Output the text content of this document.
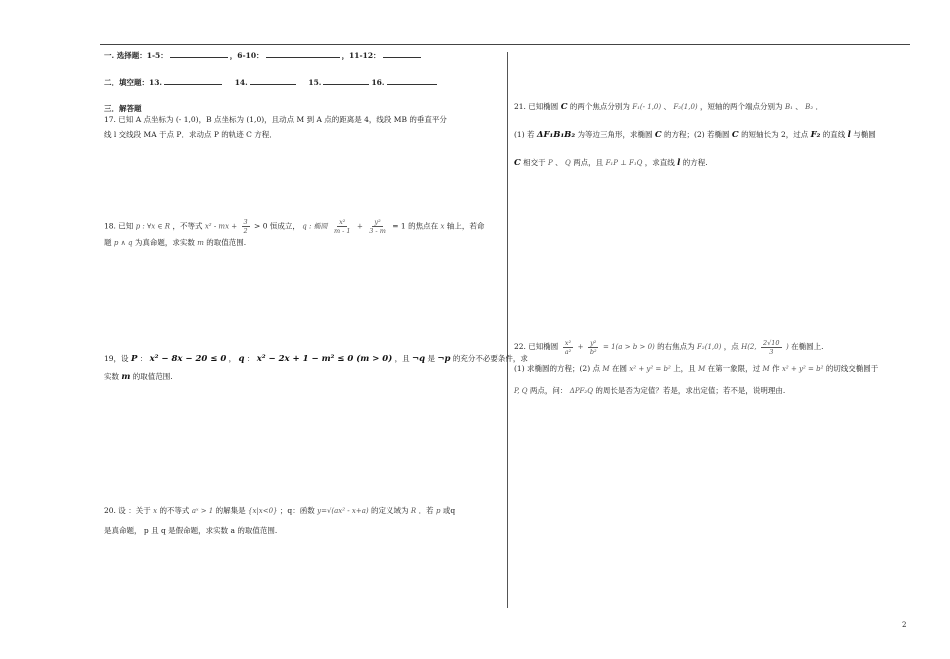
一. 选择题：1-5：	，6-10：	，11-12：
二．填空题：13.	14.	15.	16.
三．解答题

17. 已知 A 点坐标为 (- 1,0)，B 点坐标为 (1,0)，且动点 M 到 A 点的距离是 4，线段 MB 的垂直平分

线 l 交线段 MA 于点 P．求动点 P 的轨迹 C 方程．

18. 已知 p : ∀x ∈ R ，不等式 x² - mx + $\frac{3}{2} > 0$ 恒成立， q : 椭圆 $\frac{\text{x²}}{m - 1} + \frac{\text{y²}}{3 - m} = 1$ 的焦点在 x 轴上，若命

题 p ∧ q 为真命题，求实数 m 的取值范围.

19，设 P ： x² − 8x − 20 ≤ 0 ， q ： x² − 2x + 1 − m² ≤ 0 (m > 0) ，且 ¬q 是 ¬p 的充分不必要条件，求

实数 m 的取值范围.

20. 设 ：关于 x 的不等式 aˣ > 1 的解集是 {x|x<0} ；q：函数 y=√(ax² - x+a) 的定义域为 R ．若 p 或q

是真命题， p 且 q 是假命题，求实数 a 的取值范围.

21. 已知椭圆 C 的两个焦点分别为 F₁(- 1,0) 、 F₂(1,0) ，短轴的两个端点分别为 B₁ 、 B₂ ．

(1) 若 ΔF₁B₁B₂ 为等边三角形，求椭圆 C 的方程；(2) 若椭圆 C 的短轴长为 2，过点 F₂ 的直线 l 与椭圆

C 相交于 P 、 Q 两点，且 F₁P ⊥ F₁Q ，求直线 l 的方程.

22. 已知椭圆 $\frac{\text{x²}}{\text{a²}} + \frac{\text{y²}}{\text{b²}} = 1(a > b > 0)$ 的右焦点为 F₂(1,0) ，点 H(2, $\frac{2√10}{3}$ ) 在椭圆上.

(1) 求椭圆的方程；(2) 点 M 在圆 x² + y² = b² 上，且 M 在第一象限，过 M 作 x² + y² = b² 的切线交椭圆于

P, Q 两点，问： ΔPF₂Q 的周长是否为定值？若是，求出定值；若不是，说明理由.

2
